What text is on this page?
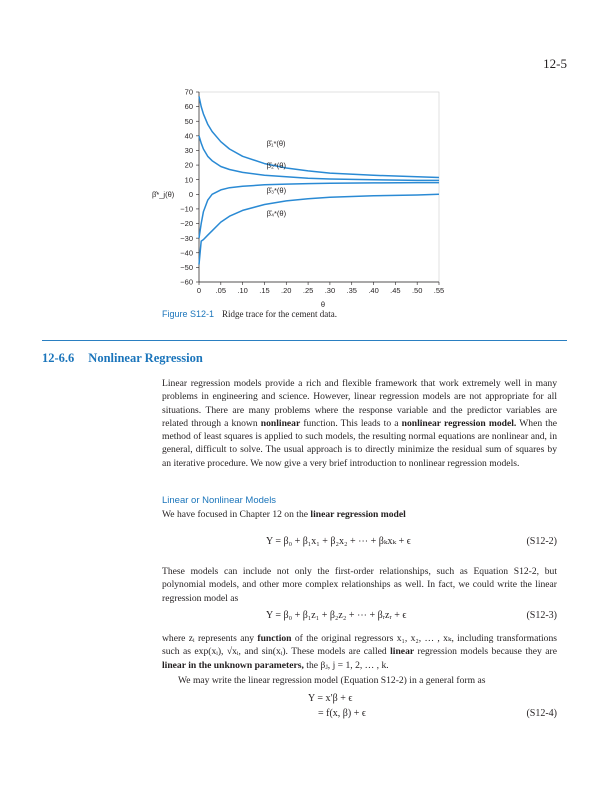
12-5
70
60
50
40
30
20
10
0
−10
−20
−30
−40
−50
−60
0 .05 .10 .15 .20 .25 .30 .35 .40 .45 .50 .55
θ
β̂*_j(θ)
β̂₁*(θ)
β̂₂*(θ)
β̂₃*(θ)
β̂₄*(θ)
Figure S12-1 Ridge trace for the cement data.
12-6.6 Nonlinear Regression
Linear regression models provide a rich and flexible framework that work extremely well in many problems in engineering and science. However, linear regression models are not appropriate for all situations. There are many problems where the response variable and the predictor variables are related through a known nonlinear function. This leads to a nonlinear regression model. When the method of least squares is applied to such models, the resulting normal equations are nonlinear and, in general, difficult to solve. The usual approach is to directly minimize the residual sum of squares by an iterative procedure. We now give a very brief introduction to nonlinear regression models.
Linear or Nonlinear Models
We have focused in Chapter 12 on the linear regression model
Y = β₀ + β₁x₁ + β₂x₂ + ⋯ + βₖxₖ + ϵ	(S12-2)
These models can include not only the first-order relationships, such as Equation S12-2, but polynomial models, and other more complex relationships as well. In fact, we could write the linear regression model as
Y = β₀ + β₁z₁ + β₂z₂ + ⋯ + βᵣzᵣ + ϵ	(S12-3)
where zᵢ represents any function of the original regressors x₁, x₂, … , xₖ, including transformations such as exp(xᵢ), √xᵢ, and sin(xᵢ). These models are called linear regression models because they are linear in the unknown parameters, the βⱼ, j = 1, 2, … , k.
We may write the linear regression model (Equation S12-2) in a general form as
Y = x′β + ϵ
= f(x, β) + ϵ	(S12-4)
